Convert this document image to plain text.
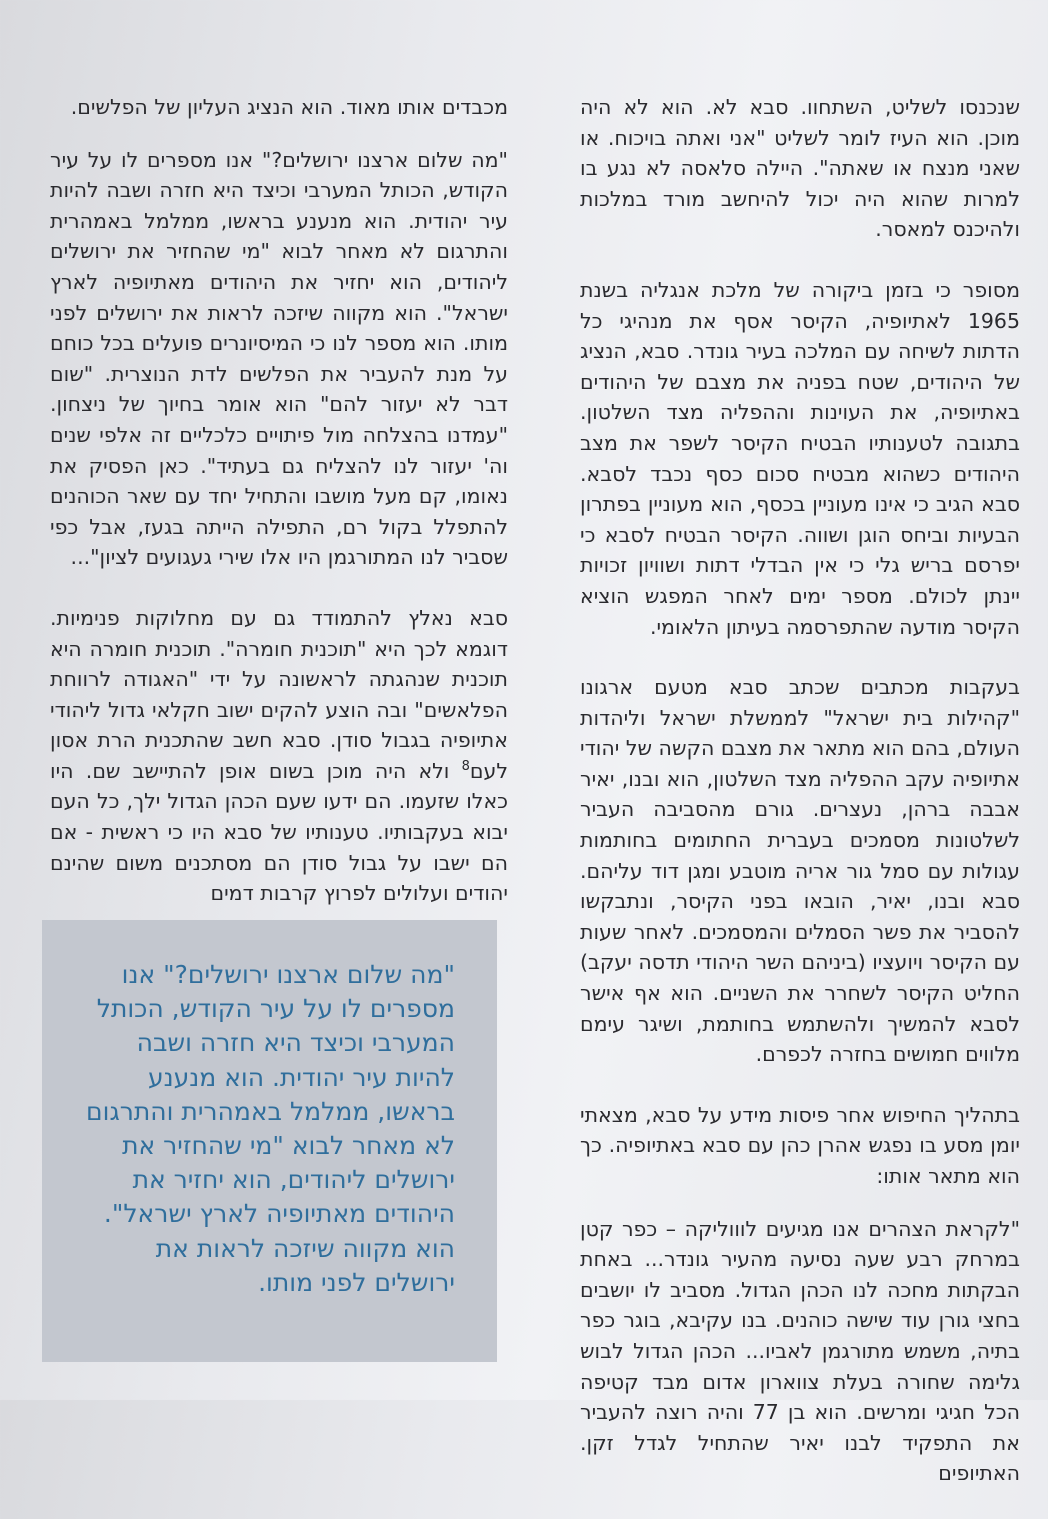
שנכנסו לשליט, השתחוו. סבא לא. הוא לא היה מוכן. הוא העיז לומר לשליט "אני ואתה בויכוח. או שאני מנצח או שאתה". היילה סלאסה לא נגע בו למרות שהוא היה יכול להיחשב מורד במלכות ולהיכנס למאסר.

מסופר כי בזמן ביקורה של מלכת אנגליה בשנת 1965 לאתיופיה, הקיסר אסף את מנהיגי כל הדתות לשיחה עם המלכה בעיר גונדר. סבא, הנציג של היהודים, שטח בפניה את מצבם של היהודים באתיופיה, את העוינות וההפליה מצד השלטון. בתגובה לטענותיו הבטיח הקיסר לשפר את מצב היהודים כשהוא מבטיח סכום כסף נכבד לסבא. סבא הגיב כי אינו מעוניין בכסף, הוא מעוניין בפתרון הבעיות וביחס הוגן ושווה. הקיסר הבטיח לסבא כי יפרסם בריש גלי כי אין הבדלי דתות ושוויון זכויות יינתן לכולם. מספר ימים לאחר המפגש הוציא הקיסר מודעה שהתפרסמה בעיתון הלאומי.

בעקבות מכתבים שכתב סבא מטעם ארגונו "קהילות בית ישראל" לממשלת ישראל וליהדות העולם, בהם הוא מתאר את מצבם הקשה של יהודי אתיופיה עקב ההפליה מצד השלטון, הוא ובנו, יאיר אבבה ברהן, נעצרים. גורם מהסביבה העביר לשלטונות מסמכים בעברית החתומים בחותמות עגולות עם סמל גור אריה מוטבע ומגן דוד עליהם. סבא ובנו, יאיר, הובאו בפני הקיסר, ונתבקשו להסביר את פשר הסמלים והמסמכים. לאחר שעות עם הקיסר ויועציו (ביניהם השר היהודי תדסה יעקב) החליט הקיסר לשחרר את השניים. הוא אף אישר לסבא להמשיך ולהשתמש בחותמת, ושיגר עימם מלווים חמושים בחזרה לכפרם.

בתהליך החיפוש אחר פיסות מידע על סבא, מצאתי יומן מסע בו נפגש אהרן כהן עם סבא באתיופיה. כך הוא מתאר אותו:

"לקראת הצהרים אנו מגיעים לוווליקה – כפר קטן במרחק רבע שעה נסיעה מהעיר גונדר... באחת הבקתות מחכה לנו הכהן הגדול. מסביב לו יושבים בחצי גורן עוד שישה כוהנים. בנו עקיבא, בוגר כפר בתיה, משמש מתורגמן לאביו... הכהן הגדול לבוש גלימה שחורה בעלת צווארון אדום מבד קטיפה הכל חגיגי ומרשים. הוא בן 77 והיה רוצה להעביר את התפקיד לבנו יאיר שהתחיל לגדל זקן. האתיופים

מכבדים אותו מאוד. הוא הנציג העליון של הפלשים.

"מה שלום ארצנו ירושלים?" אנו מספרים לו על עיר הקודש, הכותל המערבי וכיצד היא חזרה ושבה להיות עיר יהודית. הוא מנענע בראשו, ממלמל באמהרית והתרגום לא מאחר לבוא "מי שהחזיר את ירושלים ליהודים, הוא יחזיר את היהודים מאתיופיה לארץ ישראל". הוא מקווה שיזכה לראות את ירושלים לפני מותו. הוא מספר לנו כי המיסיונרים פועלים בכל כוחם על מנת להעביר את הפלשים לדת הנוצרית. "שום דבר לא יעזור להם" הוא אומר בחיוך של ניצחון. "עמדנו בהצלחה מול פיתויים כלכליים זה אלפי שנים וה' יעזור לנו להצליח גם בעתיד". כאן הפסיק את נאומו, קם מעל מושבו והתחיל יחד עם שאר הכוהנים להתפלל בקול רם, התפילה הייתה בגעז, אבל כפי שסביר לנו המתורגמן היו אלו שירי געגועים לציון"...

סבא נאלץ להתמודד גם עם מחלוקות פנימיות. דוגמא לכך היא "תוכנית חומרה". תוכנית חומרה היא תוכנית שנהגתה לראשונה על ידי "האגודה לרווחת הפלאשים" ובה הוצע להקים ישוב חקלאי גדול ליהודי אתיופיה בגבול סודן. סבא חשב שהתכנית הרת אסון לעם$^8$ ולא היה מוכן בשום אופן להתיישב שם. היו כאלו שזעמו. הם ידעו שעם הכהן הגדול ילך, כל העם יבוא בעקבותיו. טענותיו של סבא היו כי ראשית - אם הם ישבו על גבול סודן הם מסתכנים משום שהינם יהודים ועלולים לפרוץ קרבות דמים

"מה שלום ארצנו ירושלים?" אנו מספרים לו על עיר הקודש, הכותל המערבי וכיצד היא חזרה ושבה להיות עיר יהודית. הוא מנענע בראשו, ממלמל באמהרית והתרגום לא מאחר לבוא "מי שהחזיר את ירושלים ליהודים, הוא יחזיר את היהודים מאתיופיה לארץ ישראל". הוא מקווה שיזכה לראות את ירושלים לפני מותו.
